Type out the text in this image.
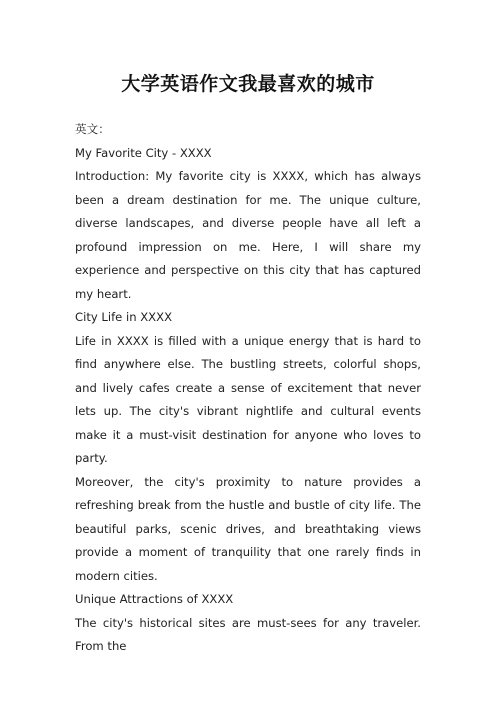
大学英语作文我最喜欢的城市

英文：

My Favorite City - XXXX

Introduction: My favorite city is XXXX, which has always been a dream destination for me. The unique culture, diverse landscapes, and diverse people have all left a profound impression on me. Here, I will share my experience and perspective on this city that has captured my heart.

City Life in XXXX

Life in XXXX is filled with a unique energy that is hard to find anywhere else. The bustling streets, colorful shops, and lively cafes create a sense of excitement that never lets up. The city's vibrant nightlife and cultural events make it a must-visit destination for anyone who loves to party.

Moreover, the city's proximity to nature provides a refreshing break from the hustle and bustle of city life. The beautiful parks, scenic drives, and breathtaking views provide a moment of tranquility that one rarely finds in modern cities.

Unique Attractions of XXXX

The city's historical sites are must-sees for any traveler. From the
